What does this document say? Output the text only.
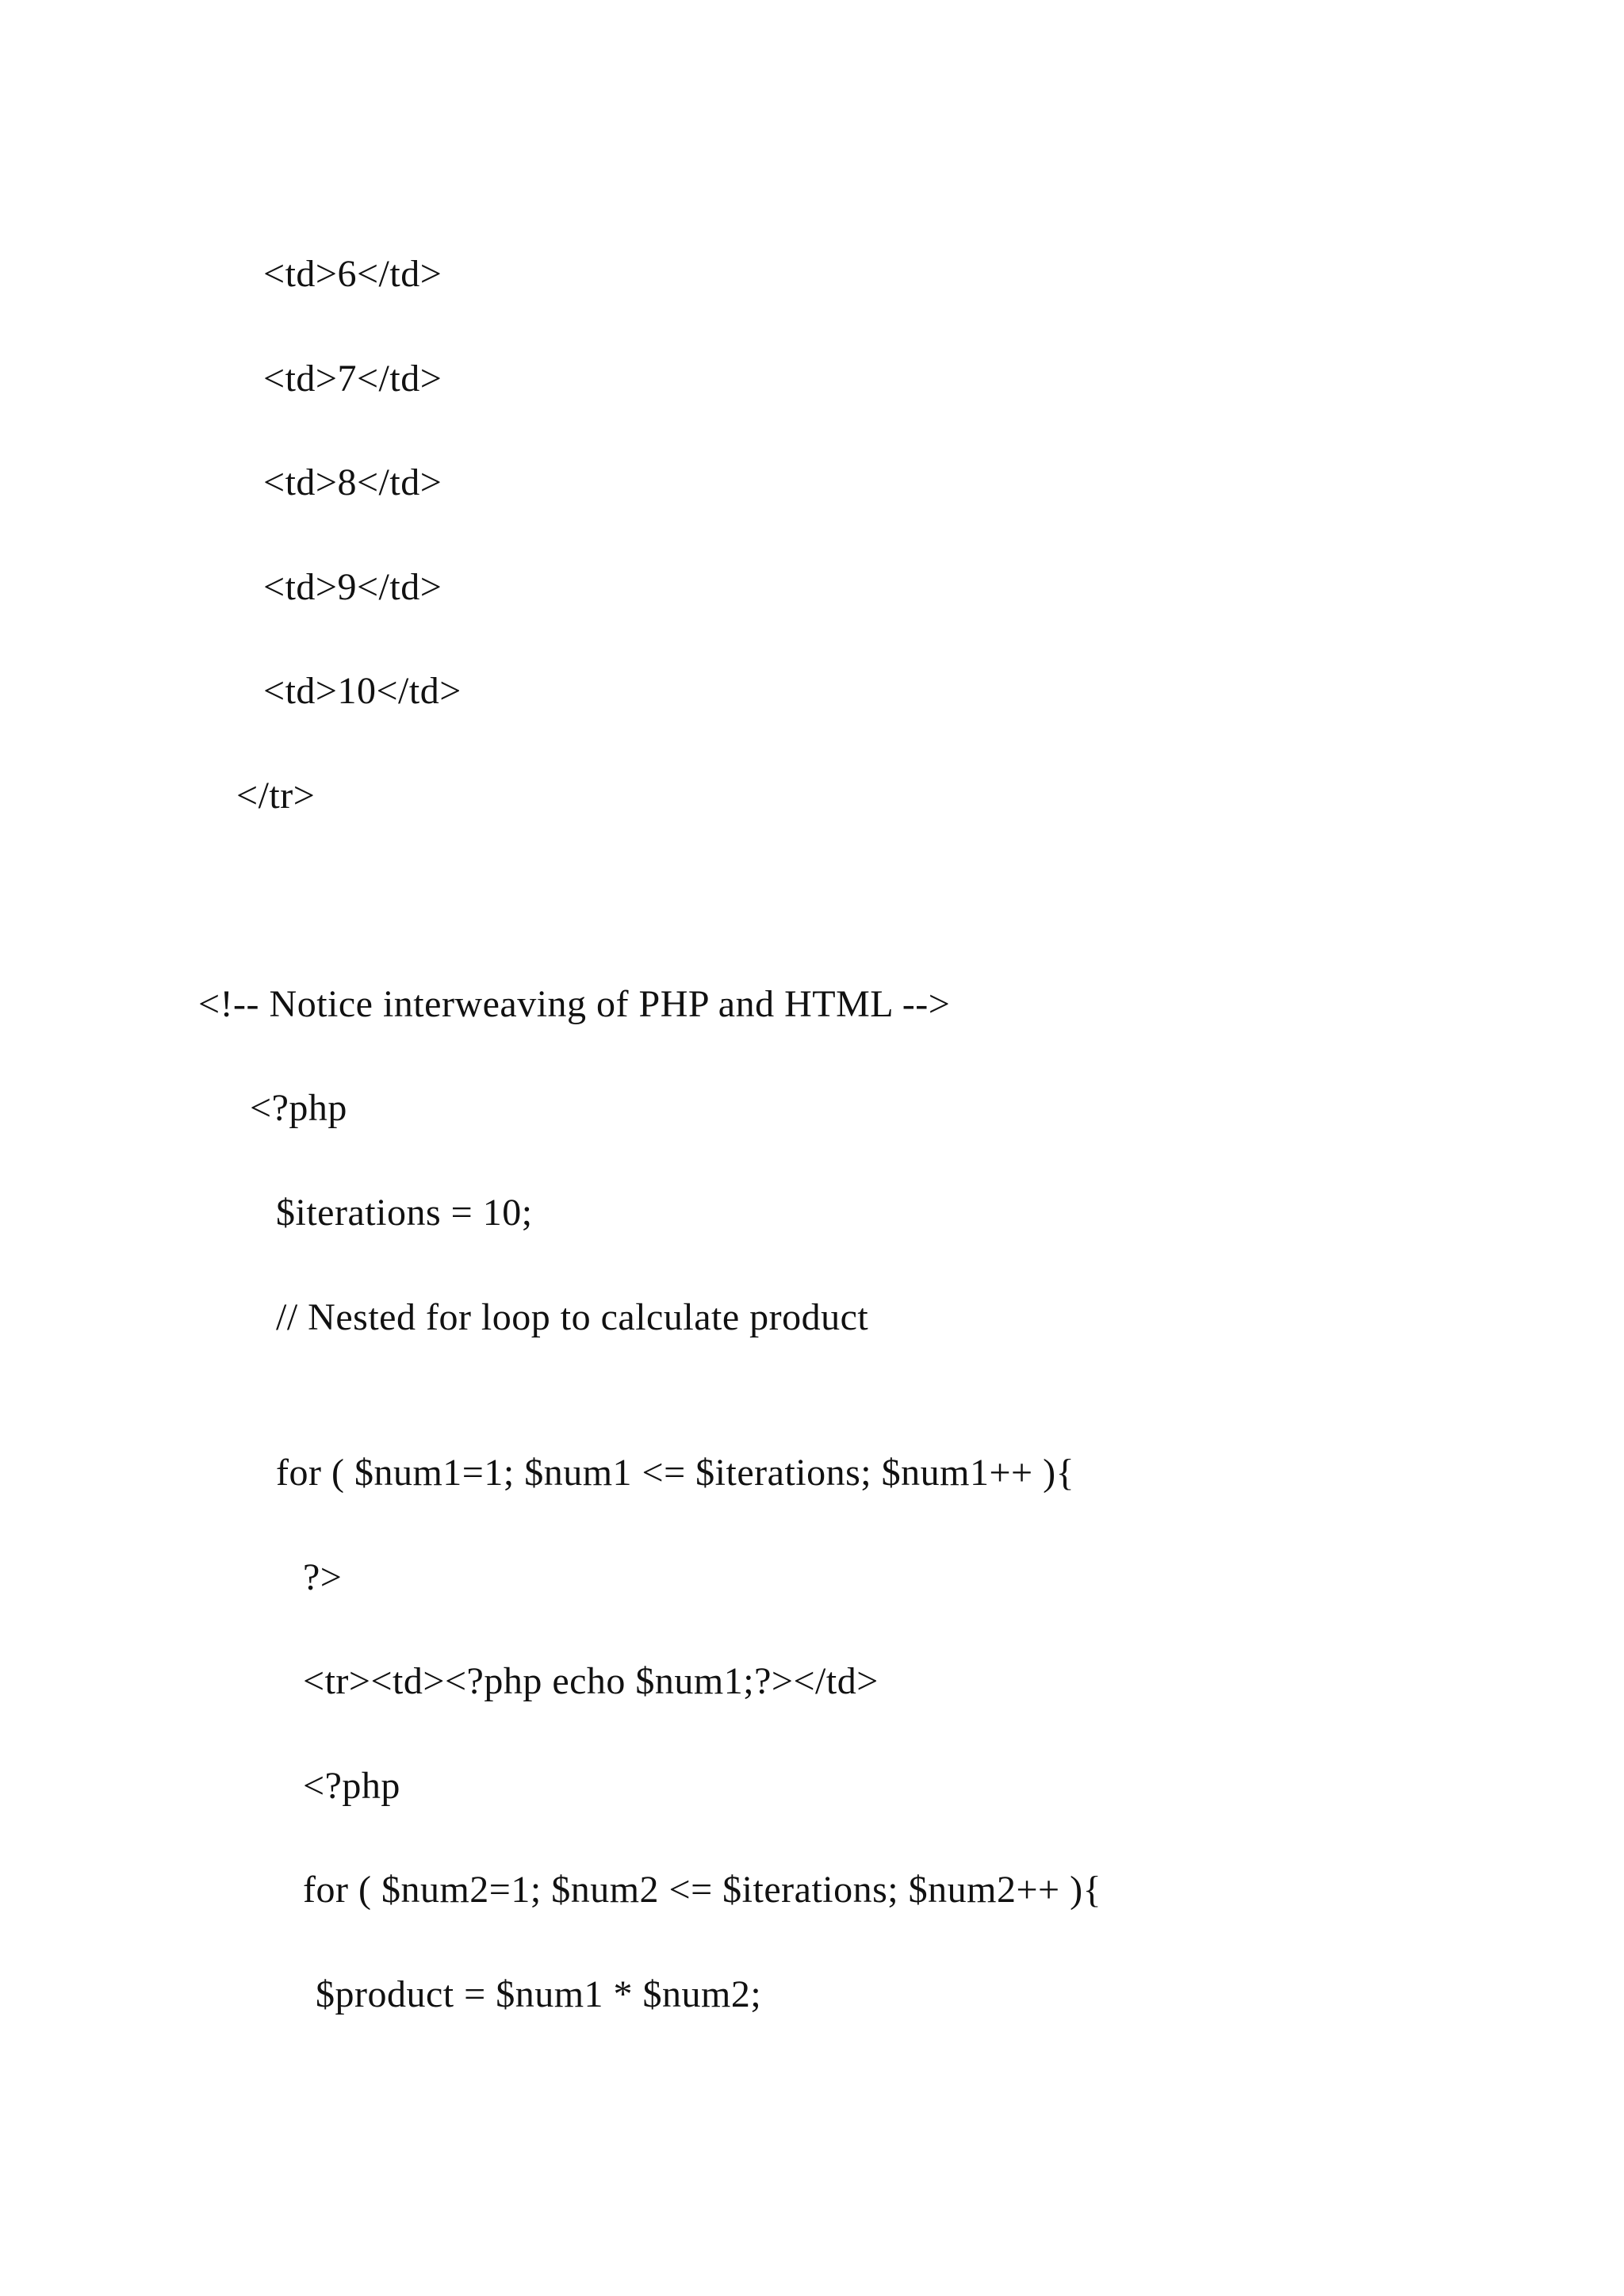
<td>6</td>
<td>7</td>
<td>8</td>
<td>9</td>
<td>10</td>
</tr>
<!-- Notice interweaving of PHP and HTML -->
<?php
$iterations = 10;
// Nested for loop to calculate product
for ( $num1=1; $num1 <= $iterations; $num1++ ){
?>
<tr><td><?php echo $num1;?></td>
<?php
for ( $num2=1; $num2 <= $iterations; $num2++ ){
$product = $num1 * $num2;
